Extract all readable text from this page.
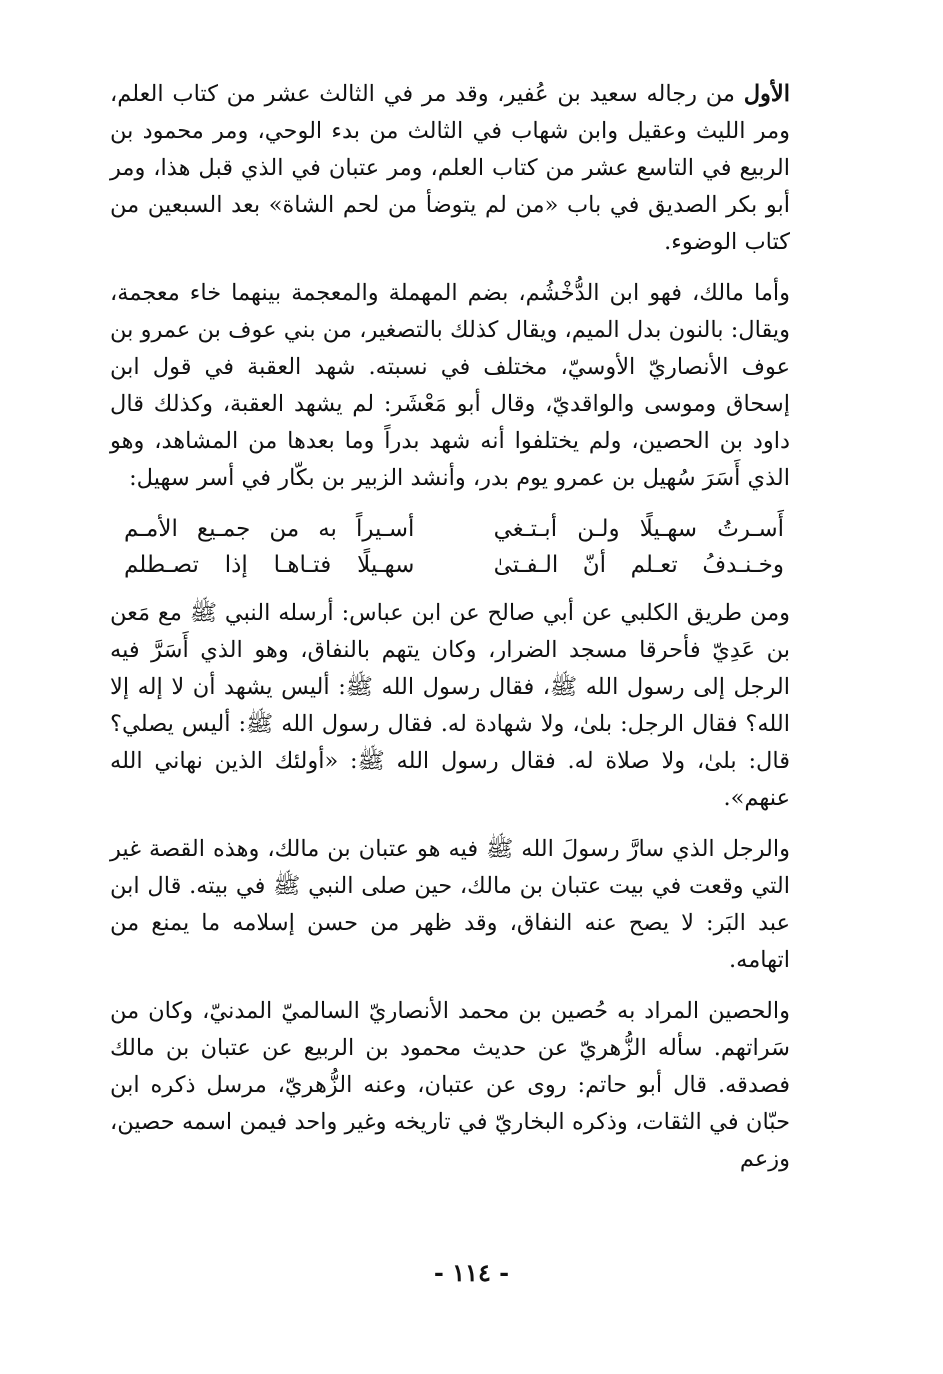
الأول من رجاله سعيد بن عُفير، وقد مر في الثالث عشر من كتاب العلم، ومر الليث وعقيل وابن شهاب في الثالث من بدء الوحي، ومر محمود بن الربيع في التاسع عشر من كتاب العلم، ومر عتبان في الذي قبل هذا، ومر أبو بكر الصديق في باب «من لم يتوضأ من لحم الشاة» بعد السبعين من كتاب الوضوء.

وأما مالك، فهو ابن الدُّخْشُم، بضم المهملة والمعجمة بينهما خاء معجمة، ويقال: بالنون بدل الميم، ويقال كذلك بالتصغير، من بني عوف بن عمرو بن عوف الأنصاريّ الأوسيّ، مختلف في نسبته. شهد العقبة في قول ابن إسحاق وموسى والواقديّ، وقال أبو مَعْشَر: لم يشهد العقبة، وكذلك قال داود بن الحصين، ولم يختلفوا أنه شهد بدراً وما بعدها من المشاهد، وهو الذي أَسَرَ سُهيل بن عمرو يوم بدر، وأنشد الزبير بن بكّار في أسر سهيل:

أَسـرتُ سهـيلًا ولـن أبـتـغي
أسـيراً به من جمـيع الأمـم
وخـنـدفُ تعـلم أنّ الـفـتىٰ
سهـيلًا فتـاهـا إذا تصـطلم

ومن طريق الكلبي عن أبي صالح عن ابن عباس: أرسله النبي ﷺ مع مَعن بن عَدِيّ فأحرقا مسجد الضرار، وكان يتهم بالنفاق، وهو الذي أَسَرَّ فيه الرجل إلى رسول الله ﷺ، فقال رسول الله ﷺ: أليس يشهد أن لا إله إلا الله؟ فقال الرجل: بلىٰ، ولا شهادة له. فقال رسول الله ﷺ: أليس يصلي؟ قال: بلىٰ، ولا صلاة له. فقال رسول الله ﷺ: «أولئك الذين نهاني الله عنهم».

والرجل الذي سارَّ رسولَ الله ﷺ فيه هو عتبان بن مالك، وهذه القصة غير التي وقعت في بيت عتبان بن مالك، حين صلى النبي ﷺ في بيته. قال ابن عبد البَر: لا يصح عنه النفاق، وقد ظهر من حسن إسلامه ما يمنع من اتهامه.

والحصين المراد به حُصين بن محمد الأنصاريّ السالميّ المدنيّ، وكان من سَراتهم. سأله الزُّهريّ عن حديث محمود بن الربيع عن عتبان بن مالك فصدقه. قال أبو حاتم: روى عن عتبان، وعنه الزُّهريّ، مرسل ذكره ابن حبّان في الثقات، وذكره البخاريّ في تاريخه وغير واحد فيمن اسمه حصين، وزعم

- ١١٤ -
